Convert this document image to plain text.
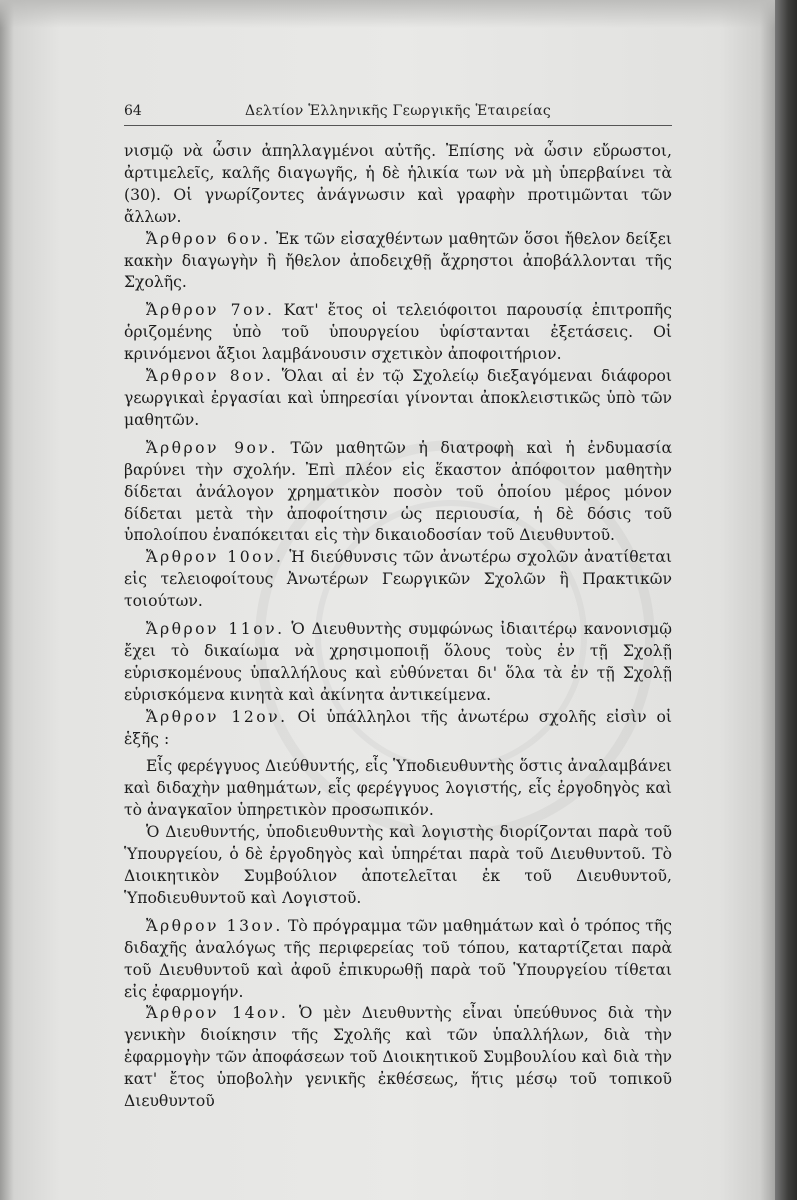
64	Δελτίον Ἑλληνικῆς Γεωργικῆς Ἑταιρείας

νισμῷ νὰ ὦσιν ἀπηλλαγμένοι αὐτῆς. Ἐπίσης νὰ ὦσιν εὔρωστοι, ἀρτιμελεῖς, καλῆς διαγωγῆς, ἡ δὲ ἡλικία των νὰ μὴ ὑπερβαίνει τὰ (30). Οἱ γνωρίζοντες ἀνάγνωσιν καὶ γραφὴν προτιμῶνται τῶν ἄλλων.

Ἄρθρον 6ον. Ἐκ τῶν εἰσαχθέντων μαθητῶν ὅσοι ἤθελον δείξει κακὴν διαγωγὴν ἢ ἤθελον ἀποδειχθῇ ἄχρηστοι ἀποβάλλονται τῆς Σχολῆς.

Ἄρθρον 7ον. Κατ' ἔτος οἱ τελειόφοιτοι παρουσίᾳ ἐπιτροπῆς ὁριζομένης ὑπὸ τοῦ ὑπουργείου ὑφίστανται ἐξετάσεις. Οἱ κρινόμενοι ἄξιοι λαμβάνουσιν σχετικὸν ἀποφοιτήριον.

Ἄρθρον 8ον. Ὅλαι αἱ ἐν τῷ Σχολείῳ διεξαγόμεναι διάφοροι γεωργικαὶ ἐργασίαι καὶ ὑπηρεσίαι γίνονται ἀποκλειστικῶς ὑπὸ τῶν μαθητῶν.

Ἄρθρον 9ον. Τῶν μαθητῶν ἡ διατροφὴ καὶ ἡ ἐνδυμασία βαρύνει τὴν σχολήν. Ἐπὶ πλέον εἰς ἕκαστον ἀπόφοιτον μαθητὴν δίδεται ἀνάλογον χρηματικὸν ποσὸν τοῦ ὁποίου μέρος μόνον δίδεται μετὰ τὴν ἀποφοίτησιν ὡς περιουσία, ἡ δὲ δόσις τοῦ ὑπολοίπου ἐναπόκειται εἰς τὴν δικαιοδοσίαν τοῦ Διευθυντοῦ.

Ἄρθρον 10ον. Ἡ διεύθυνσις τῶν ἀνωτέρω σχολῶν ἀνατίθεται εἰς τελειοφοίτους Ἀνωτέρων Γεωργικῶν Σχολῶν ἢ Πρακτικῶν τοιούτων.

Ἄρθρον 11ον. Ὁ Διευθυντὴς συμφώνως ἰδιαιτέρῳ κανονισμῷ ἔχει τὸ δικαίωμα νὰ χρησιμοποιῇ ὅλους τοὺς ἐν τῇ Σχολῇ εὑρισκομένους ὑπαλλήλους καὶ εὐθύνεται δι' ὅλα τὰ ἐν τῇ Σχολῇ εὑρισκόμενα κινητὰ καὶ ἀκίνητα ἀντικείμενα.

Ἄρθρον 12ον. Οἱ ὑπάλληλοι τῆς ἀνωτέρω σχολῆς εἰσὶν οἱ ἑξῆς :

Εἷς φερέγγυος Διεύθυντής, εἷς Ὑποδιευθυντὴς ὅστις ἀναλαμβάνει καὶ διδαχὴν μαθημάτων, εἷς φερέγγυος λογιστής, εἷς ἐργοδηγὸς καὶ τὸ ἀναγκαῖον ὑπηρετικὸν προσωπικόν.

Ὁ Διευθυντής, ὑποδιευθυντὴς καὶ λογιστὴς διορίζονται παρὰ τοῦ Ὑπουργείου, ὁ δὲ ἐργοδηγὸς καὶ ὑπηρέται παρὰ τοῦ Διευθυντοῦ. Τὸ Διοικητικὸν Συμβούλιον ἀποτελεῖται ἐκ τοῦ Διευθυντοῦ, Ὑποδιευθυντοῦ καὶ Λογιστοῦ.

Ἄρθρον 13ον. Τὸ πρόγραμμα τῶν μαθημάτων καὶ ὁ τρόπος τῆς διδαχῆς ἀναλόγως τῆς περιφερείας τοῦ τόπου, καταρτίζεται παρὰ τοῦ Διευθυντοῦ καὶ ἀφοῦ ἐπικυρωθῇ παρὰ τοῦ Ὑπουργείου τίθεται εἰς ἐφαρμογήν.

Ἄρθρον 14ον. Ὁ μὲν Διευθυντὴς εἶναι ὑπεύθυνος διὰ τὴν γενικὴν διοίκησιν τῆς Σχολῆς καὶ τῶν ὑπαλλήλων, διὰ τὴν ἐφαρμογὴν τῶν ἀποφάσεων τοῦ Διοικητικοῦ Συμβουλίου καὶ διὰ τὴν κατ' ἔτος ὑποβολὴν γενικῆς ἐκθέσεως, ἥτις μέσῳ τοῦ τοπικοῦ Διευθυντοῦ
